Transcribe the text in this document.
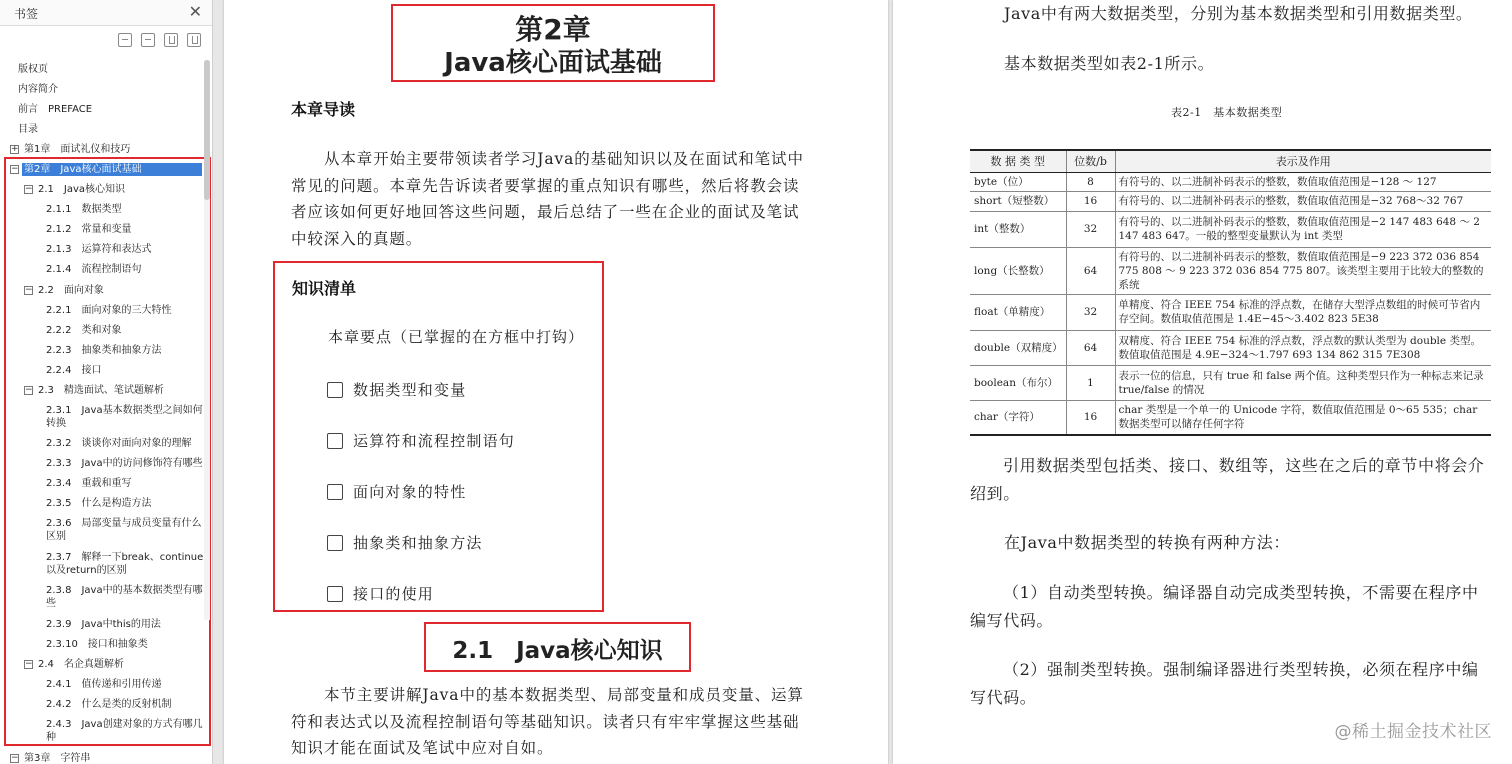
书签	✕
版权页
内容简介
前言　PREFACE
目录
+ 第1章　面试礼仪和技巧
− 第2章　Java核心面试基础
− 2.1　Java核心知识
2.1.1　数据类型
2.1.2　常量和变量
2.1.3　运算符和表达式
2.1.4　流程控制语句
− 2.2　面向对象
2.2.1　面向对象的三大特性
2.2.2　类和对象
2.2.3　抽象类和抽象方法
2.2.4　接口
− 2.3　精选面试、笔试题解析
2.3.1　Java基本数据类型之间如何转换
2.3.2　谈谈你对面向对象的理解
2.3.3　Java中的访问修饰符有哪些
2.3.4　重载和重写
2.3.5　什么是构造方法
2.3.6　局部变量与成员变量有什么区别
2.3.7　解释一下break、continue以及return的区别
2.3.8　Java中的基本数据类型有哪些
2.3.9　Java中this的用法
2.3.10　接口和抽象类
− 2.4　名企真题解析
2.4.1　值传递和引用传递
2.4.2　什么是类的反射机制
2.4.3　Java创建对象的方式有哪几种
− 第3章　字符串
第2章
Java核心面试基础
本章导读
从本章开始主要带领读者学习Java的基础知识以及在面试和笔试中常见的问题。本章先告诉读者要掌握的重点知识有哪些，然后将教会读者应该如何更好地回答这些问题，最后总结了一些在企业的面试及笔试中较深入的真题。
知识清单
本章要点（已掌握的在方框中打钩）
数据类型和变量
运算符和流程控制语句
面向对象的特性
抽象类和抽象方法
接口的使用
2.1　Java核心知识
本节主要讲解Java中的基本数据类型、局部变量和成员变量、运算符和表达式以及流程控制语句等基础知识。读者只有牢牢掌握这些基础知识才能在面试及笔试中应对自如。
Java中有两大数据类型，分别为基本数据类型和引用数据类型。
基本数据类型如表2-1所示。
表2-1　基本数据类型
数 据 类 型	位数/b	表示及作用
byte（位）	8	有符号的、以二进制补码表示的整数，数值取值范围是−128 ～ 127
short（短整数）	16	有符号的、以二进制补码表示的整数，数值取值范围是−32 768～32 767
int（整数）	32	有符号的、以二进制补码表示的整数，数值取值范围是−2 147 483 648 ～ 2 147 483 647。一般的整型变量默认为 int 类型
long（长整数）	64	有符号的、以二进制补码表示的整数，数值取值范围是−9 223 372 036 854 775 808 ～ 9 223 372 036 854 775 807。该类型主要用于比较大的整数的系统
float（单精度）	32	单精度、符合 IEEE 754 标准的浮点数，在储存大型浮点数组的时候可节省内存空间。数值取值范围是 1.4E−45～3.402 823 5E38
double（双精度）	64	双精度、符合 IEEE 754 标准的浮点数，浮点数的默认类型为 double 类型。数值取值范围是 4.9E−324～1.797 693 134 862 315 7E308
boolean（布尔）	1	表示一位的信息，只有 true 和 false 两个值。这种类型只作为一种标志来记录 true/false 的情况
char（字符）	16	char 类型是一个单一的 Unicode 字符，数值取值范围是 0～65 535；char 数据类型可以储存任何字符
引用数据类型包括类、接口、数组等，这些在之后的章节中将会介绍到。
在Java中数据类型的转换有两种方法：
（1）自动类型转换。编译器自动完成类型转换，不需要在程序中编写代码。
（2）强制类型转换。强制编译器进行类型转换，必须在程序中编写代码。
@稀土掘金技术社区
